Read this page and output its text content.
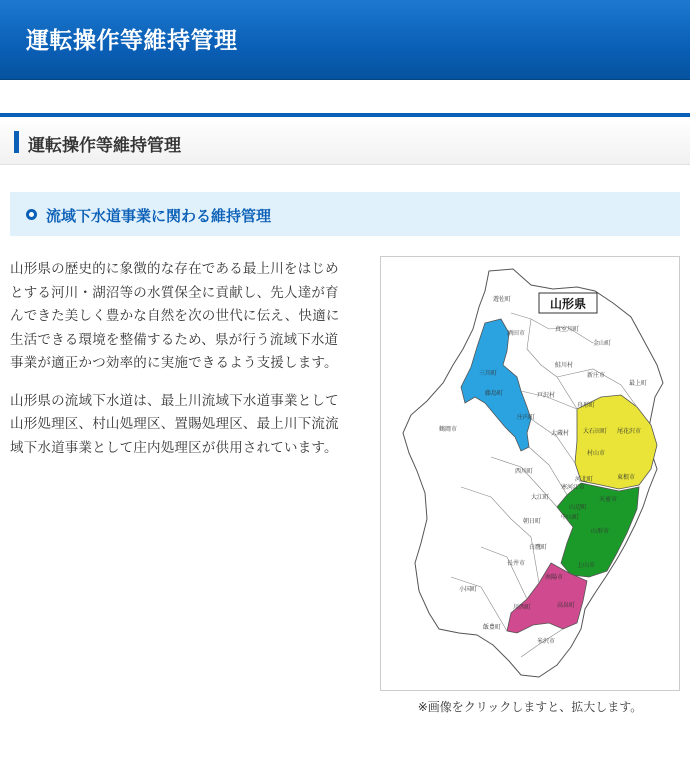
運転操作等維持管理
運転操作等維持管理
流域下水道事業に関わる維持管理

山形県の歴史的に象徴的な存在である最上川をはじめとする河川・湖沼等の水質保全に貢献し、先人達が育んできた美しく豊かな自然を次の世代に伝え、快適に生活できる環境を整備するため、県が行う流域下水道事業が適正かつ効率的に実施できるよう支援します。

山形県の流域下水道は、最上川流域下水道事業として山形処理区、村山処理区、置賜処理区、最上川下流流域下水道事業として庄内処理区が供用されています。

山形県
遊佐町
酒田市
真室川町
金山町
鮭川村
新庄市
三川町
藤島町	戸沢村
舟形町
最上町
庄内町
大蔵村
鶴岡市	大石田町 尾花沢市
村山市
東根市
西川町
河北町
寒河江市
大江町	天童市
山辺町
中山町
山形市
朝日町
白鷹町
上山市
長井市
南陽市
小国町
川西町	高畠町
飯豊町
米沢市
※画像をクリックしますと、拡大します。
